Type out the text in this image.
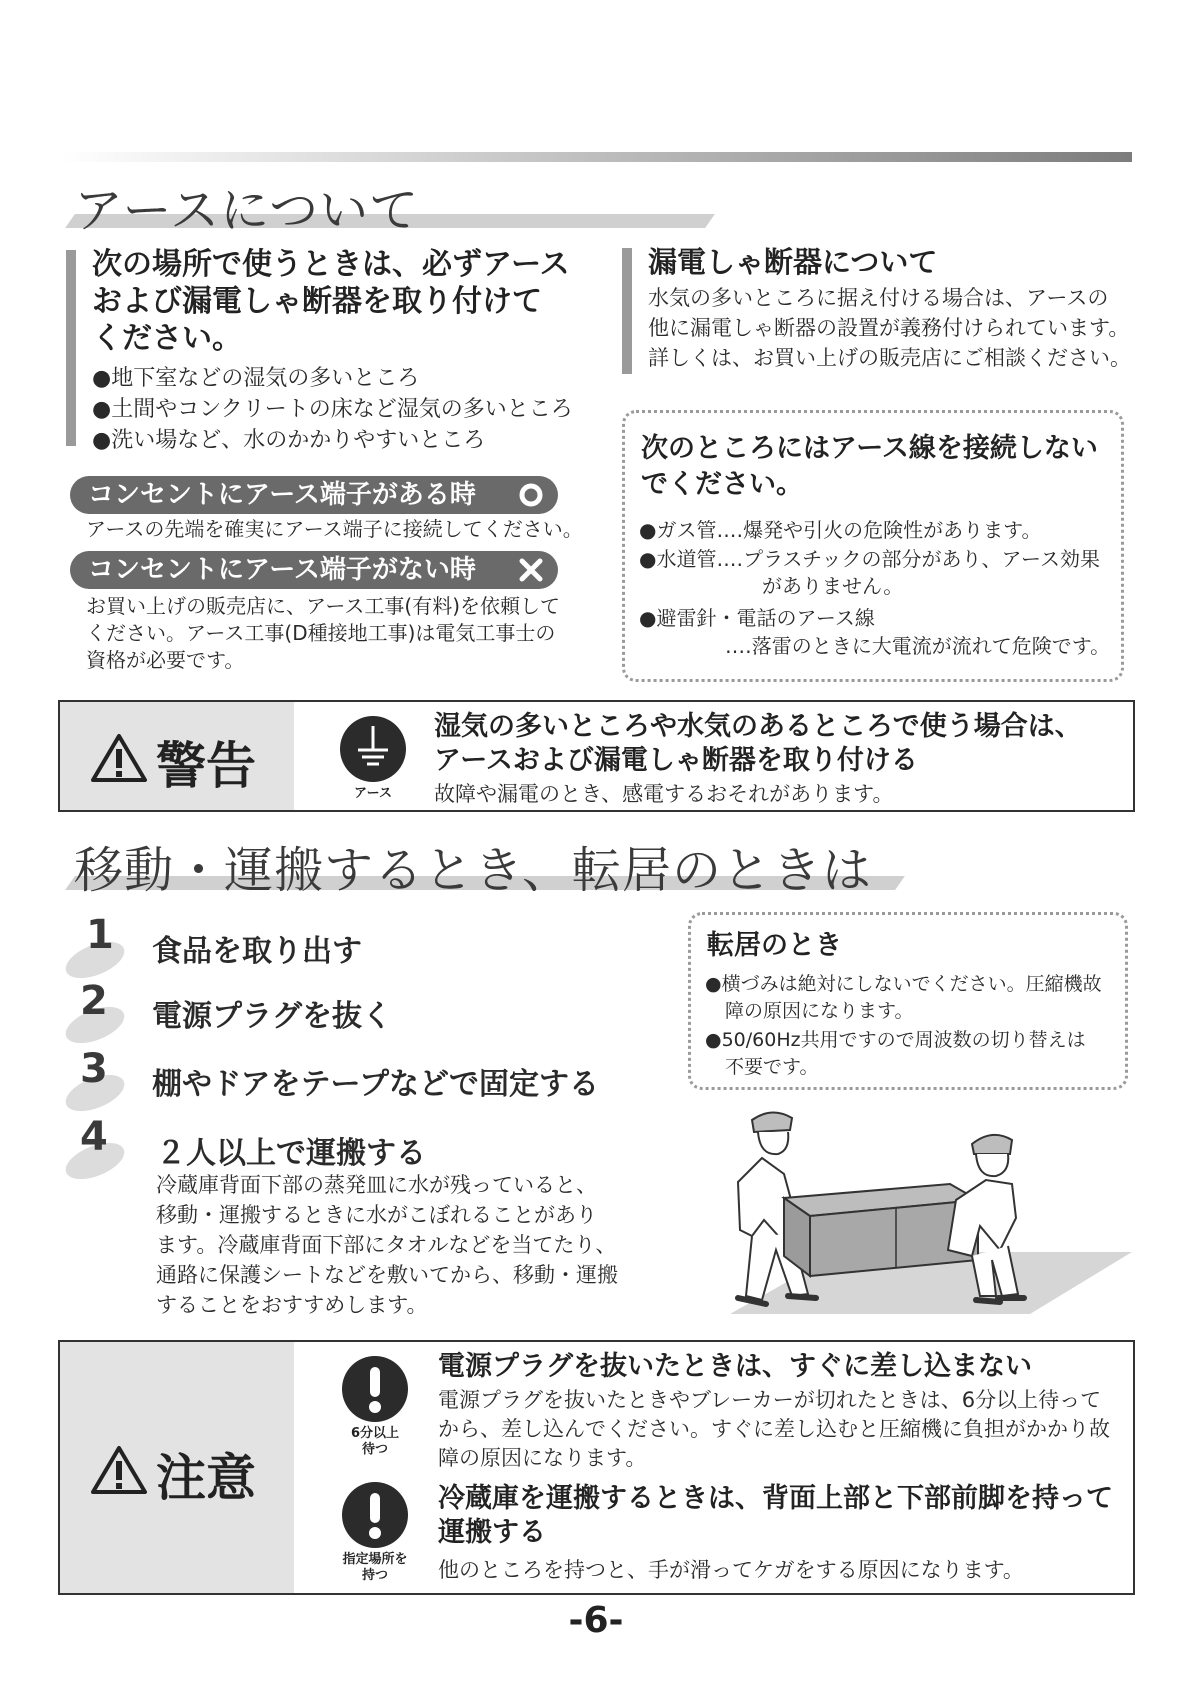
アースについて
次の場所で使うときは、必ずアース
および漏電しゃ断器を取り付けて
ください。
●地下室などの湿気の多いところ
●土間やコンクリートの床など湿気の多いところ
●洗い場など、水のかかりやすいところ
コンセントにアース端子がある時
アースの先端を確実にアース端子に接続してください。
コンセントにアース端子がない時
お買い上げの販売店に、アース工事(有料)を依頼して
ください。アース工事(D種接地工事)は電気工事士の
資格が必要です。
漏電しゃ断器について
水気の多いところに据え付ける場合は、アースの
他に漏電しゃ断器の設置が義務付けられています。
詳しくは、お買い上げの販売店にご相談ください。
次のところにはアース線を接続しない
でください。
●ガス管‥‥爆発や引火の危険性があります。
●水道管‥‥プラスチックの部分があり、アース効果
がありません。
●避雷針・電話のアース線
‥‥落雷のときに大電流が流れて危険です。
警告	アース
湿気の多いところや水気のあるところで使う場合は、
アースおよび漏電しゃ断器を取り付ける
故障や漏電のとき、感電するおそれがあります。
移動・運搬するとき、転居のときは
1 食品を取り出す
2 電源プラグを抜く
3 棚やドアをテープなどで固定する
4 ２人以上で運搬する
冷蔵庫背面下部の蒸発皿に水が残っていると、
移動・運搬するときに水がこぼれることがあり
ます。冷蔵庫背面下部にタオルなどを当てたり、
通路に保護シートなどを敷いてから、移動・運搬
することをおすすめします。
転居のとき
●横づみは絶対にしないでください。圧縮機故
障の原因になります。
●50/60Hz共用ですので周波数の切り替えは
不要です。
注意
6分以上
待つ
電源プラグを抜いたときは、すぐに差し込まない
電源プラグを抜いたときやブレーカーが切れたときは、6分以上待って
から、差し込んでください。すぐに差し込むと圧縮機に負担がかかり故
障の原因になります。
指定場所を
持つ
冷蔵庫を運搬するときは、背面上部と下部前脚を持って
運搬する
他のところを持つと、手が滑ってケガをする原因になります。
-6-
